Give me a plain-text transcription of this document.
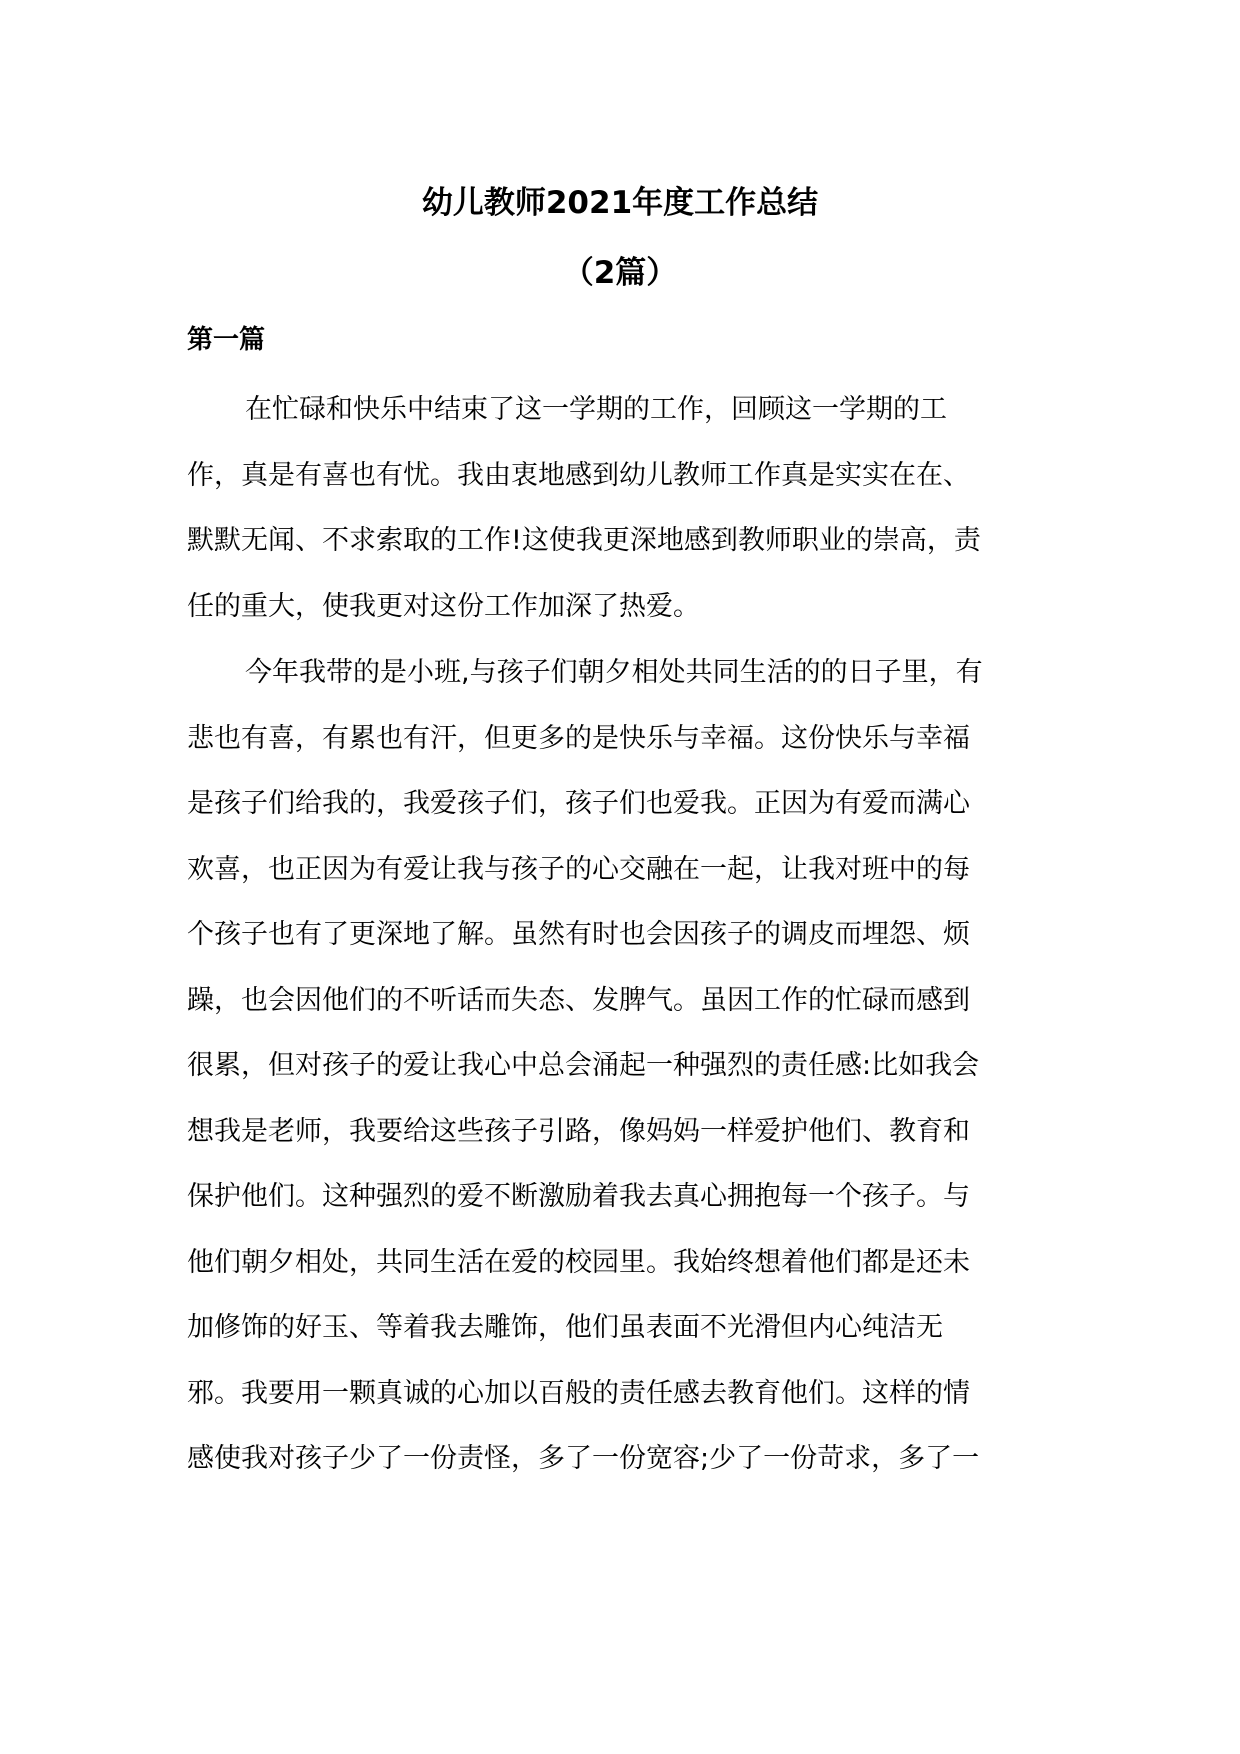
幼儿教师2021年度工作总结
（2篇）
第一篇

在忙碌和快乐中结束了这一学期的工作，回顾这一学期的工
作，真是有喜也有忧。我由衷地感到幼儿教师工作真是实实在在、
默默无闻、不求索取的工作!这使我更深地感到教师职业的崇高，责
任的重大，使我更对这份工作加深了热爱。

今年我带的是小班,与孩子们朝夕相处共同生活的的日子里，有
悲也有喜，有累也有汗，但更多的是快乐与幸福。这份快乐与幸福
是孩子们给我的，我爱孩子们，孩子们也爱我。正因为有爱而满心
欢喜，也正因为有爱让我与孩子的心交融在一起，让我对班中的每
个孩子也有了更深地了解。虽然有时也会因孩子的调皮而埋怨、烦
躁，也会因他们的不听话而失态、发脾气。虽因工作的忙碌而感到
很累，但对孩子的爱让我心中总会涌起一种强烈的责任感:比如我会
想我是老师，我要给这些孩子引路，像妈妈一样爱护他们、教育和
保护他们。这种强烈的爱不断激励着我去真心拥抱每一个孩子。与
他们朝夕相处，共同生活在爱的校园里。我始终想着他们都是还未
加修饰的好玉、等着我去雕饰，他们虽表面不光滑但内心纯洁无
邪。我要用一颗真诚的心加以百般的责任感去教育他们。这样的情
感使我对孩子少了一份责怪，多了一份宽容;少了一份苛求，多了一
